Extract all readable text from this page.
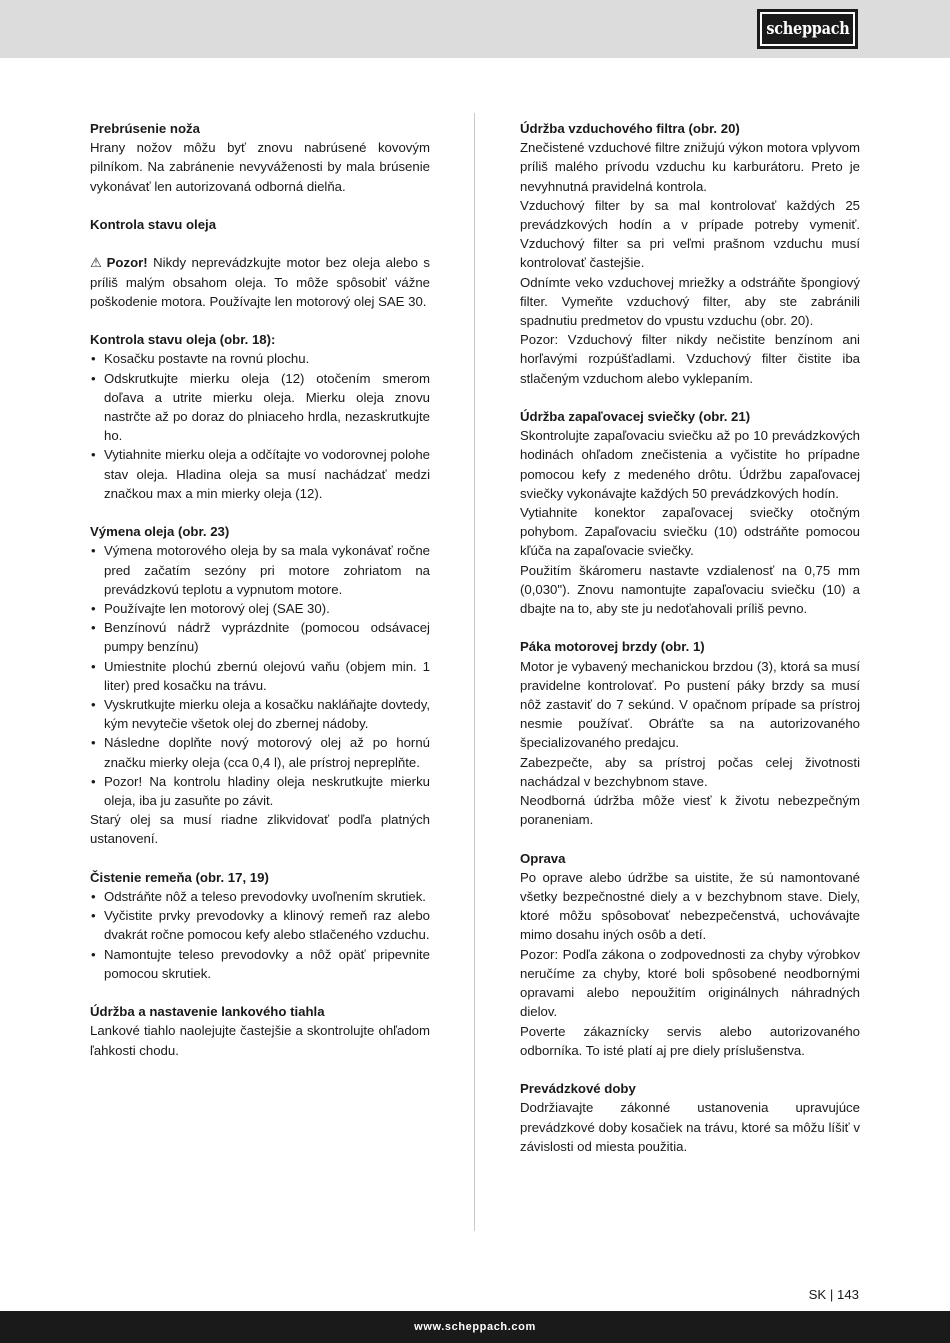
scheppach

Prebrúsenie noža

Hrany nožov môžu byť znovu nabrúsené kovovým pilníkom. Na zabránenie nevyváženosti by mala brúsenie vykonávať len autorizovaná odborná dielňa.

Kontrola stavu oleja

⚠ Pozor! Nikdy neprevádzkujte motor bez oleja alebo s príliš malým obsahom oleja. To môže spôsobiť vážne poškodenie motora. Používajte len motorový olej SAE 30.

Kontrola stavu oleja (obr. 18):

• Kosačku postavte na rovnú plochu.
• Odskrutkujte mierku oleja (12) otočením smerom doľava a utrite mierku oleja. Mierku oleja znovu nastrčte až po doraz do plniaceho hrdla, nezaskrutkujte ho.
• Vytiahnite mierku oleja a odčítajte vo vodorovnej polohe stav oleja. Hladina oleja sa musí nachádzať medzi značkou max a min mierky oleja (12).

Výmena oleja (obr. 23)

• Výmena motorového oleja by sa mala vykonávať ročne pred začatím sezóny pri motore zohriatom na prevádzkovú teplotu a vypnutom motore.
• Používajte len motorový olej (SAE 30).
• Benzínovú nádrž vyprázdnite (pomocou odsávacej pumpy benzínu)
• Umiestnite plochú zbernú olejovú vaňu (objem min. 1 liter) pred kosačku na trávu.
• Vyskrutkujte mierku oleja a kosačku nakláňajte dovtedy, kým nevytečie všetok olej do zbernej nádoby.
• Následne doplňte nový motorový olej až po hornú značku mierky oleja (cca 0,4 l), ale prístroj nepreplňte.
• Pozor! Na kontrolu hladiny oleja neskrutkujte mierku oleja, iba ju zasuňte po závit.

Starý olej sa musí riadne zlikvidovať podľa platných ustanovení.

Čistenie remeňa (obr. 17, 19)

• Odstráňte nôž a teleso prevodovky uvoľnením skrutiek.
• Vyčistite prvky prevodovky a klinový remeň raz alebo dvakrát ročne pomocou kefy alebo stlačeného vzduchu.
• Namontujte teleso prevodovky a nôž opäť pripevnite pomocou skrutiek.

Údržba a nastavenie lankového tiahla

Lankové tiahlo naolejujte častejšie a skontrolujte ohľadom ľahkosti chodu.

Údržba vzduchového filtra (obr. 20)

Znečistené vzduchové filtre znižujú výkon motora vplyvom príliš malého prívodu vzduchu ku karburátoru. Preto je nevyhnutná pravidelná kontrola.

Vzduchový filter by sa mal kontrolovať každých 25 prevádzkových hodín a v prípade potreby vymeniť. Vzduchový filter sa pri veľmi prašnom vzduchu musí kontrolovať častejšie.

Odnímte veko vzduchovej mriežky a odstráňte špongiový filter. Vymeňte vzduchový filter, aby ste zabránili spadnutiu predmetov do vpustu vzduchu (obr. 20).

Pozor: Vzduchový filter nikdy nečistite benzínom ani horľavými rozpúšťadlami. Vzduchový filter čistite iba stlačeným vzduchom alebo vyklepaním.

Údržba zapaľovacej sviečky (obr. 21)

Skontrolujte zapaľovaciu sviečku až po 10 prevádzkových hodinách ohľadom znečistenia a vyčistite ho prípadne pomocou kefy z medeného drôtu. Údržbu zapaľovacej sviečky vykonávajte každých 50 prevádzkových hodín.

Vytiahnite konektor zapaľovacej sviečky otočným pohybom. Zapaľovaciu sviečku (10) odstráňte pomocou kľúča na zapaľovacie sviečky.

Použitím škáromeru nastavte vzdialenosť na 0,75 mm (0,030"). Znovu namontujte zapaľovaciu sviečku (10) a dbajte na to, aby ste ju nedoťahovali príliš pevno.

Páka motorovej brzdy (obr. 1)

Motor je vybavený mechanickou brzdou (3), ktorá sa musí pravidelne kontrolovať. Po pustení páky brzdy sa musí nôž zastaviť do 7 sekúnd. V opačnom prípade sa prístroj nesmie používať. Obráťte sa na autorizovaného špecializovaného predajcu.

Zabezpečte, aby sa prístroj počas celej životnosti nachádzal v bezchybnom stave.

Neodborná údržba môže viesť k životu nebezpečným poraneniam.

Oprava

Po oprave alebo údržbe sa uistite, že sú namontované všetky bezpečnostné diely a v bezchybnom stave. Diely, ktoré môžu spôsobovať nebezpečenstvá, uchovávajte mimo dosahu iných osôb a detí.

Pozor: Podľa zákona o zodpovednosti za chyby výrobkov neručíme za chyby, ktoré boli spôsobené neodbornými opravami alebo nepoužitím originálnych náhradných dielov.

Poverte zákaznícky servis alebo autorizovaného odborníka. To isté platí aj pre diely príslušenstva.

Prevádzkové doby

Dodržiavajte zákonné ustanovenia upravujúce prevádzkové doby kosačiek na trávu, ktoré sa môžu líšiť v závislosti od miesta použitia.

SK | 143
www.scheppach.com
